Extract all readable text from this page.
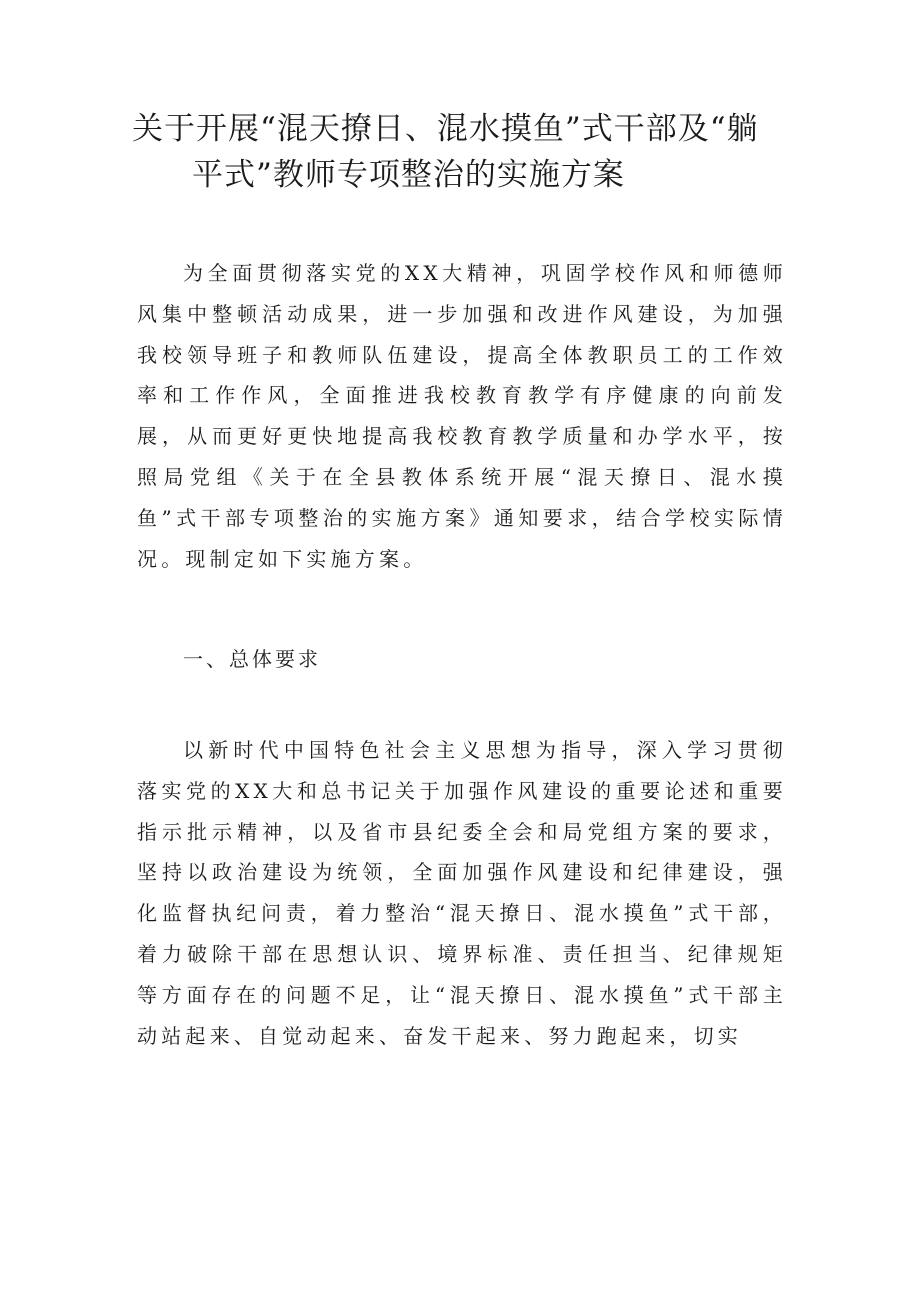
关于开展“混天撩日、混水摸鱼”式干部及“躺
平式”教师专项整治的实施方案

为全面贯彻落实党的XX大精神，巩固学校作风和师德师风集中整顿活动成果，进一步加强和改进作风建设，为加强我校领导班子和教师队伍建设，提高全体教职员工的工作效率和工作作风，全面推进我校教育教学有序健康的向前发展，从而更好更快地提高我校教育教学质量和办学水平，按照局党组《关于在全县教体系统开展“混天撩日、混水摸鱼”式干部专项整治的实施方案》通知要求，结合学校实际情况。现制定如下实施方案。

一、总体要求

以新时代中国特色社会主义思想为指导，深入学习贯彻落实党的XX大和总书记关于加强作风建设的重要论述和重要指示批示精神，以及省市县纪委全会和局党组方案的要求，坚持以政治建设为统领，全面加强作风建设和纪律建设，强化监督执纪问责，着力整治“混天撩日、混水摸鱼”式干部，着力破除干部在思想认识、境界标准、责任担当、纪律规矩等方面存在的问题不足，让“混天撩日、混水摸鱼”式干部主动站起来、自觉动起来、奋发干起来、努力跑起来，切实
